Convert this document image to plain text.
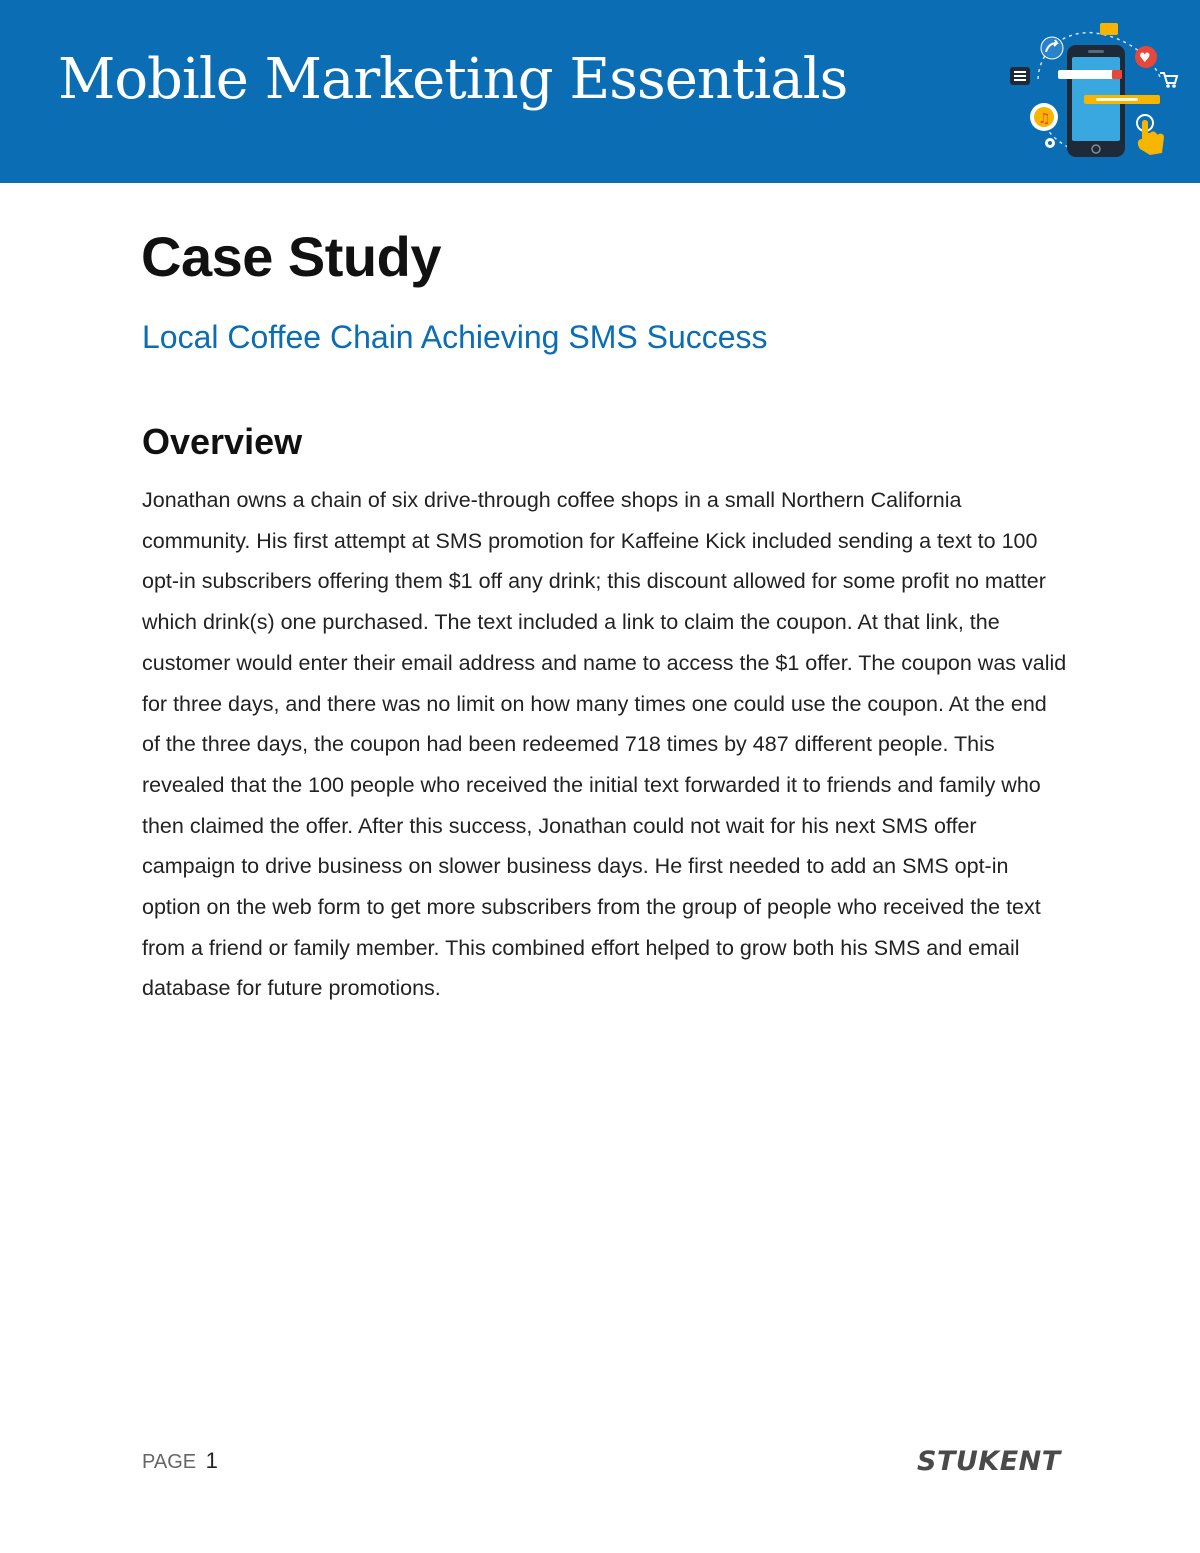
Mobile Marketing Essentials
♫
♥
Case Study
Local Coffee Chain Achieving SMS Success
Overview

Jonathan owns a chain of six drive-through coffee shops in a small Northern California community. His first attempt at SMS promotion for Kaffeine Kick included sending a text to 100 opt-in subscribers offering them $1 off any drink; this discount allowed for some profit no matter which drink(s) one purchased. The text included a link to claim the coupon. At that link, the customer would enter their email address and name to access the $1 offer. The coupon was valid for three days, and there was no limit on how many times one could use the coupon. At the end of the three days, the coupon had been redeemed 718 times by 487 different people. This revealed that the 100 people who received the initial text forwarded it to friends and family who then claimed the offer. After this success, Jonathan could not wait for his next SMS offer campaign to drive business on slower business days. He first needed to add an SMS opt-in option on the web form to get more subscribers from the group of people who received the text from a friend or family member. This combined effort helped to grow both his SMS and email database for future promotions.

PAGE 1	STUKENT
